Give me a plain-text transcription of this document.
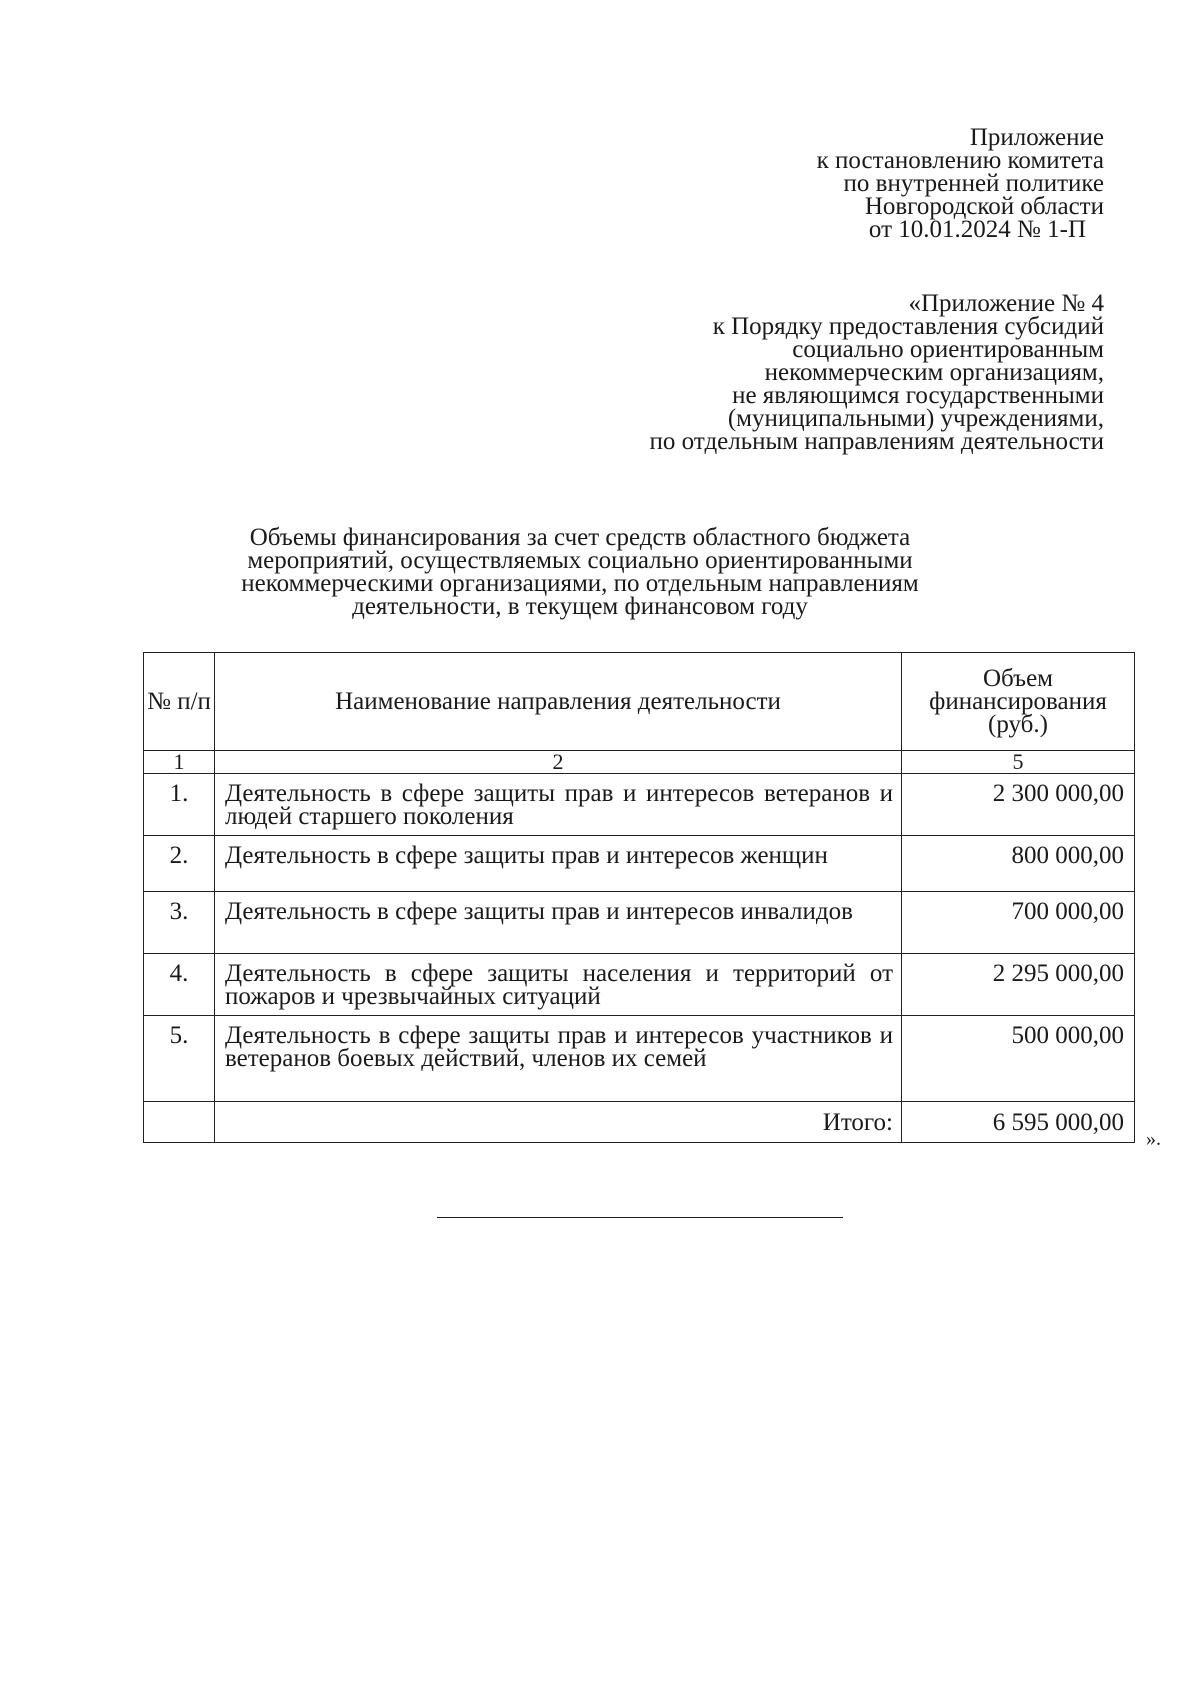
Приложение
к постановлению комитета
по внутренней политике
Новгородской области
от 10.01.2024 № 1-П
«Приложение № 4
к Порядку предоставления субсидий
социально ориентированным
некоммерческим организациям,
не являющимся государственными
(муниципальными) учреждениями,
по отдельным направлениям деятельности
Объемы финансирования за счет средств областного бюджета
мероприятий, осуществляемых социально ориентированными
некоммерческими организациями, по отдельным направлениям
деятельности, в текущем финансовом году
№ п/п	Наименование направления деятельности	Объем финансирования (руб.)
1	2	5
1.	Деятельность в сфере защиты прав и интересов ветеранов и людей старшего поколения	2 300 000,00
2.	Деятельность в сфере защиты прав и интересов женщин	800 000,00
3.	Деятельность в сфере защиты прав и интересов инвалидов	700 000,00
4.	Деятельность в сфере защиты населения и территорий от пожаров и чрезвычайных ситуаций	2 295 000,00
5.	Деятельность в сфере защиты прав и интересов участников и ветеранов боевых действий, членов их семей	500 000,00
	Итого:	6 595 000,00
».
